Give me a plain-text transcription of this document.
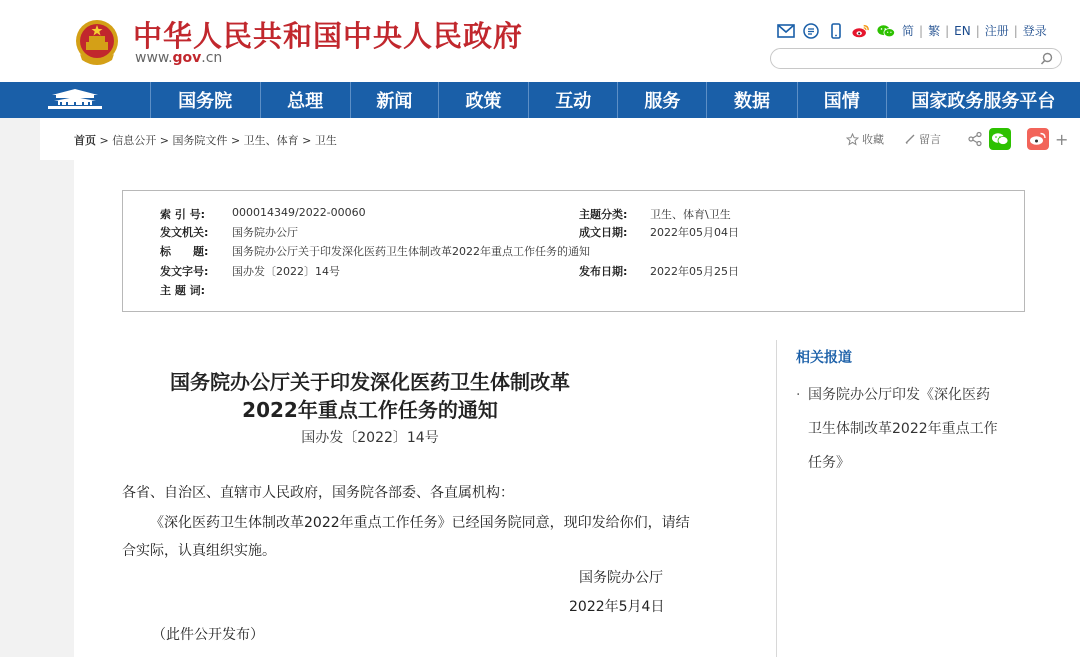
中华人民共和国中央人民政府
www.gov.cn
简 | 繁 | EN | 注册 | 登录
国务院	总理	新闻	政策	互动	服务	数据	国情	国家政务服务平台
首页 > 信息公开 > 国务院文件 > 卫生、体育 > 卫生	收藏	留言	+
索 引 号: 000014349/2022-00060	主题分类: 卫生、体育\卫生
发文机关: 国务院办公厅	成文日期: 2022年05月04日
标　　题: 国务院办公厅关于印发深化医药卫生体制改革2022年重点工作任务的通知
发文字号: 国办发〔2022〕14号	发布日期: 2022年05月25日
主 题 词:
国务院办公厅关于印发深化医药卫生体制改革
2022年重点工作任务的通知
国办发〔2022〕14号
各省、自治区、直辖市人民政府，国务院各部委、各直属机构：
《深化医药卫生体制改革2022年重点工作任务》已经国务院同意，现印发给你们，请结
合实际，认真组织实施。
国务院办公厅
2022年5月4日
（此件公开发布）
相关报道
· 国务院办公厅印发《深化医药
卫生体制改革2022年重点工作
任务》
